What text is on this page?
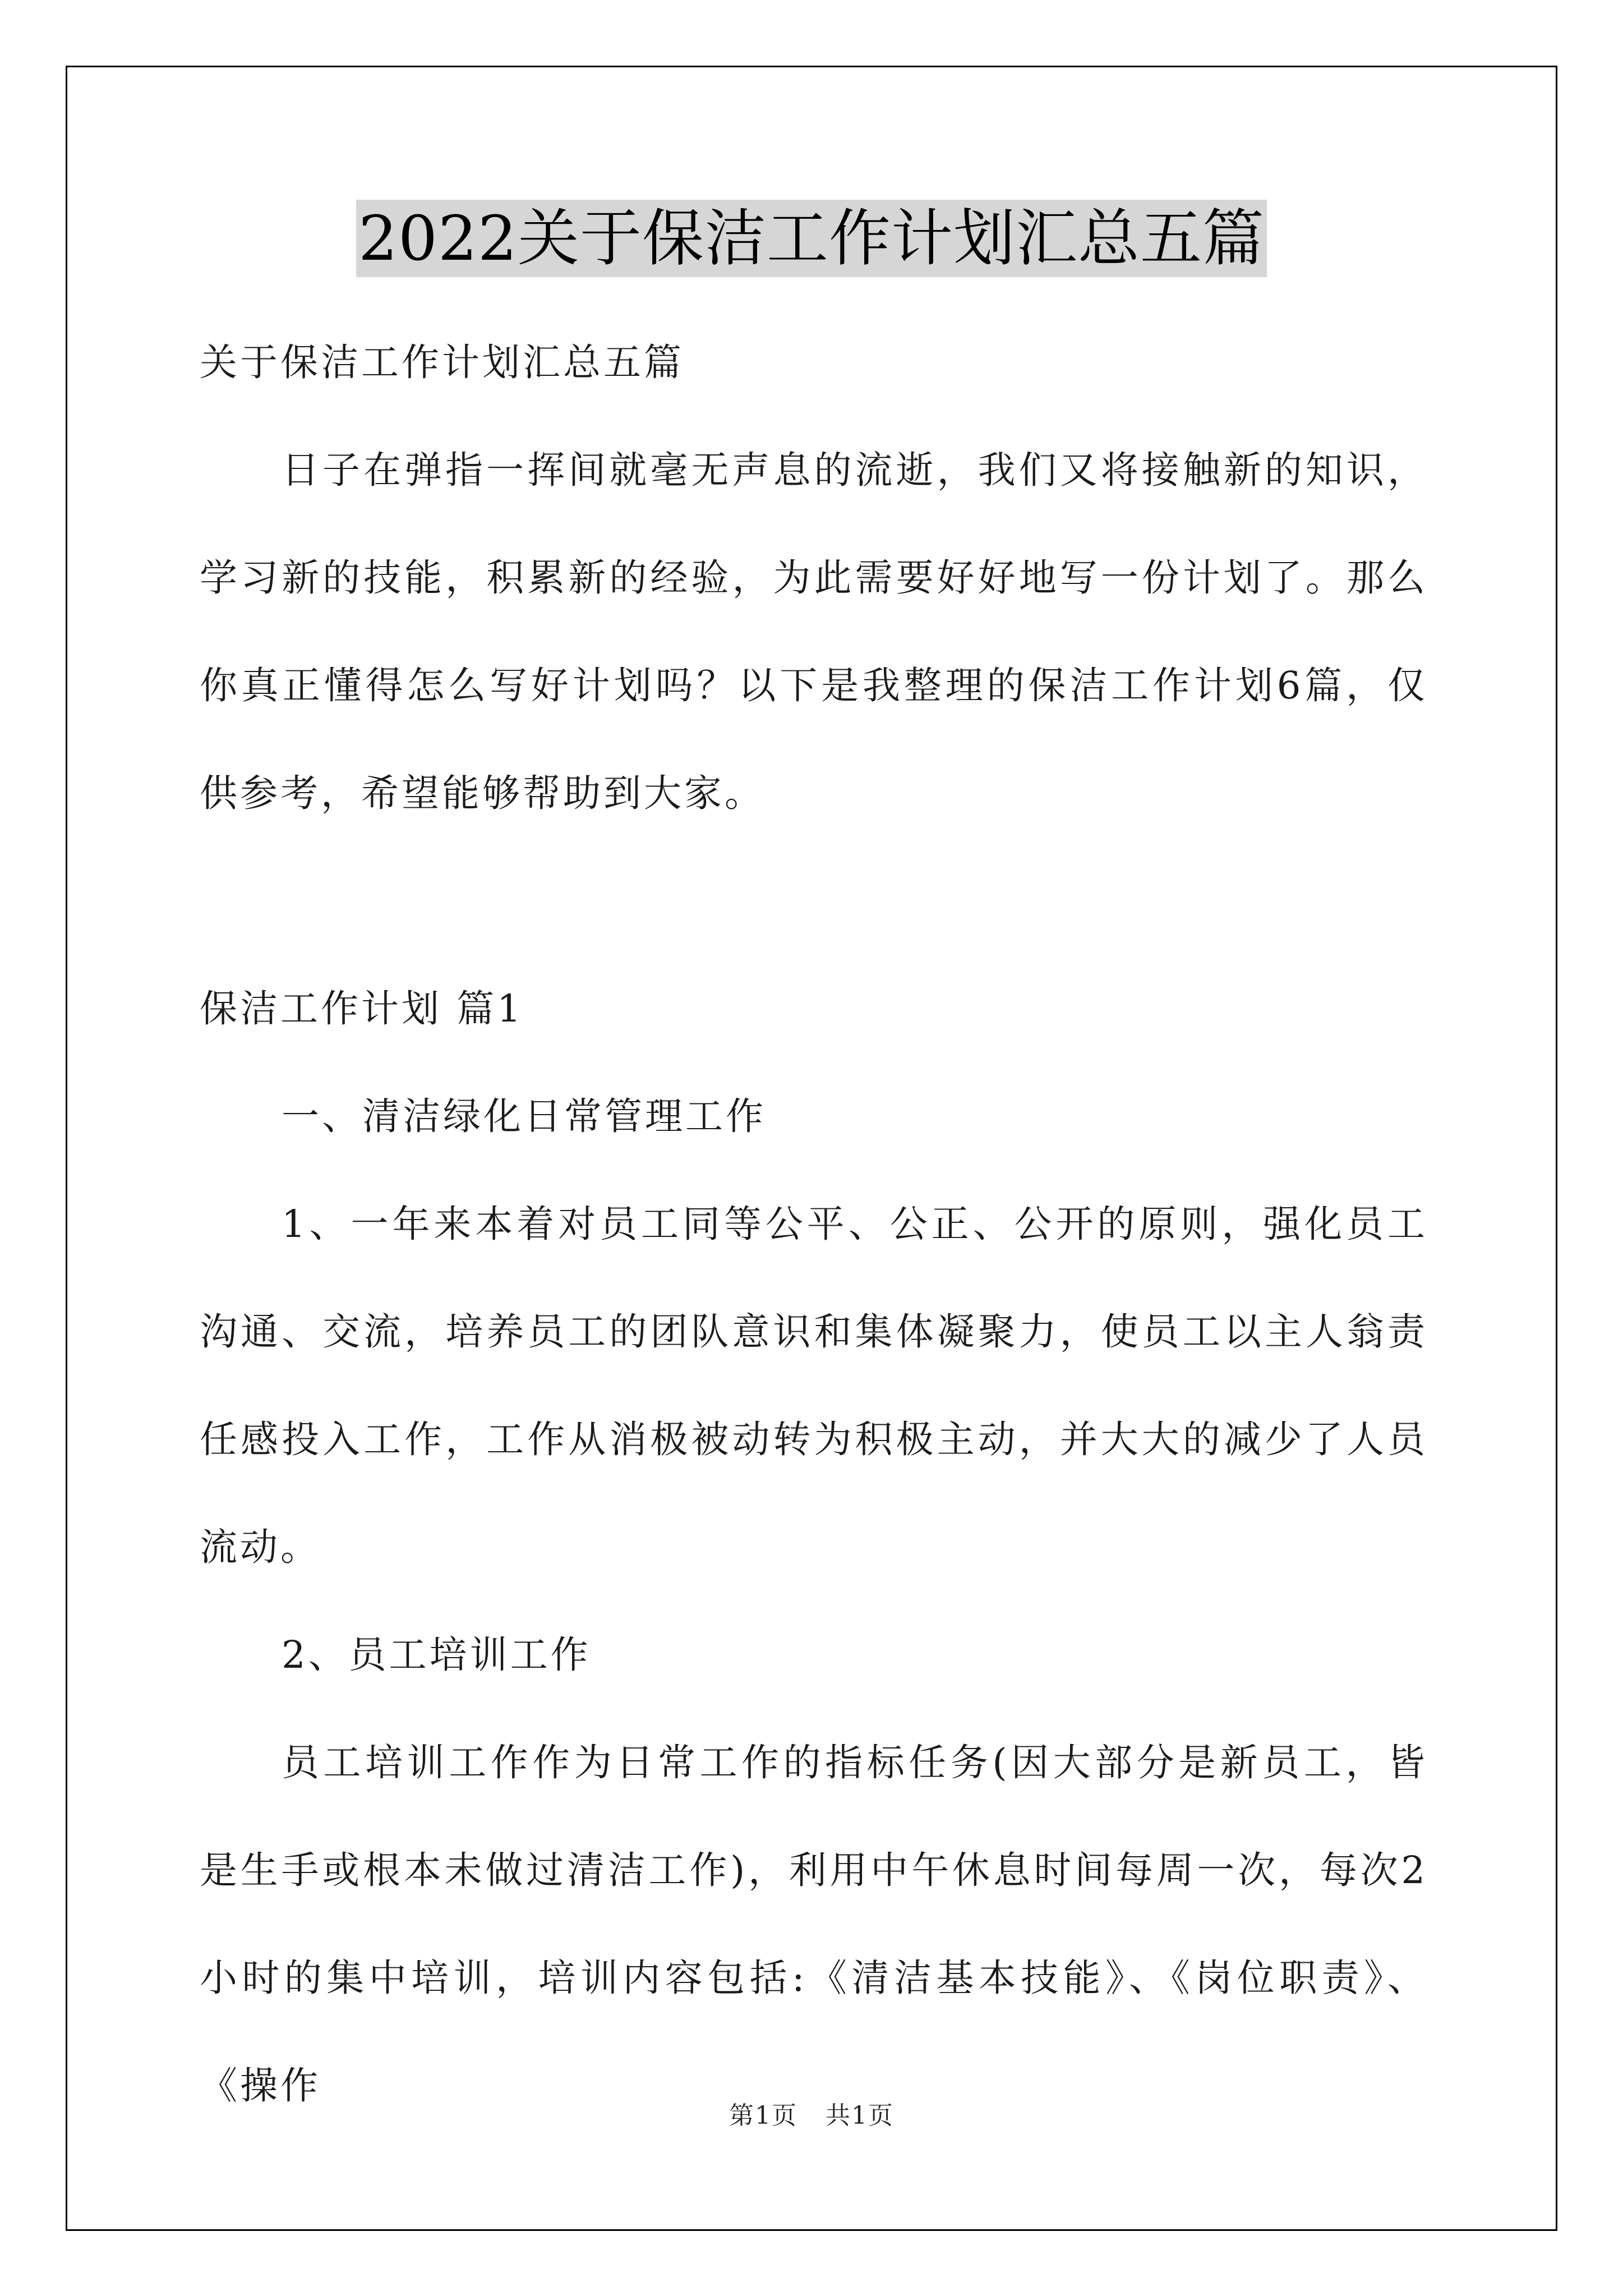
2022关于保洁工作计划汇总五篇

关于保洁工作计划汇总五篇

日子在弹指一挥间就毫无声息的流逝，我们又将接触新的知识，学习新的技能，积累新的经验，为此需要好好地写一份计划了。那么你真正懂得怎么写好计划吗？以下是我整理的保洁工作计划6篇，仅供参考，希望能够帮助到大家。

保洁工作计划 篇1

一、清洁绿化日常管理工作

1、一年来本着对员工同等公平、公正、公开的原则，强化员工沟通、交流，培养员工的团队意识和集体凝聚力，使员工以主人翁责任感投入工作，工作从消极被动转为积极主动，并大大的减少了人员流动。

2、员工培训工作

员工培训工作作为日常工作的指标任务(因大部分是新员工，皆是生手或根本未做过清洁工作)，利用中午休息时间每周一次，每次2小时的集中培训，培训内容包括:《清洁基本技能》、《岗位职责》、《操作

第1页 共1页
